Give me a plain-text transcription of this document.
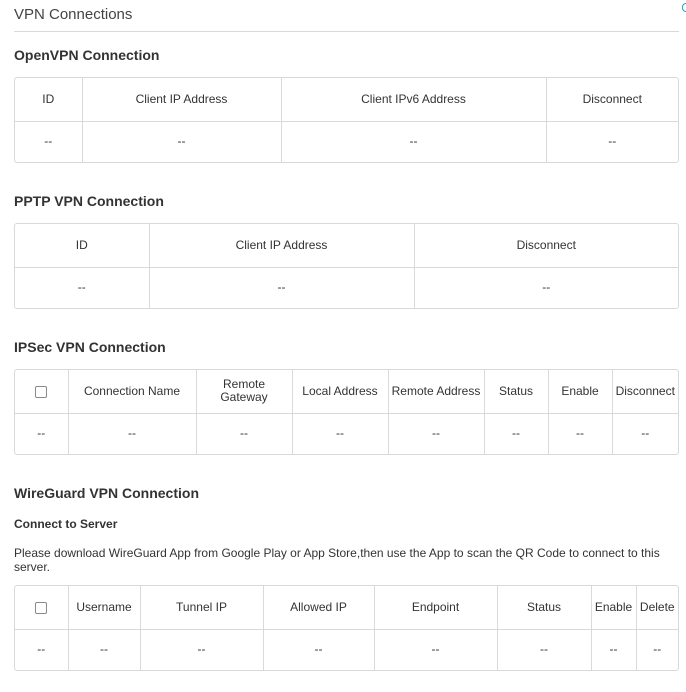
VPN Connections
OpenVPN Connection
ID	Client IP Address	Client IPv6 Address	Disconnect
--	--	--	--
PPTP VPN Connection
ID	Client IP Address	Disconnect
--	--	--
IPSec VPN Connection
	Connection Name	Remote Gateway	Local Address	Remote Address	Status	Enable	Disconnect
--	--	--	--	--	--	--	--
WireGuard VPN Connection
Connect to Server
Please download WireGuard App from Google Play or App Store,then use the App to scan the QR Code to connect to this server.
	Username	Tunnel IP	Allowed IP	Endpoint	Status	Enable	Delete
--	--	--	--	--	--	--	--
